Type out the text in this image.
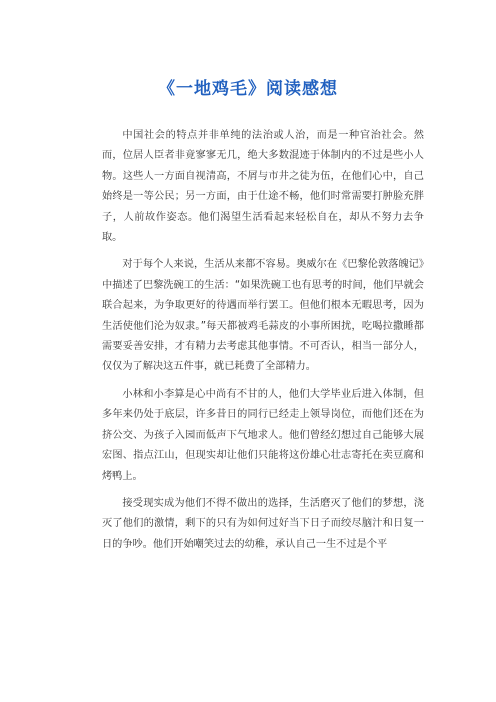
《一地鸡毛》阅读感想

中国社会的特点并非单纯的法治或人治，而是一种官治社会。然而，位居人臣者非竟寥寥无几，绝大多数混迹于体制内的不过是些小人物。这些人一方面自视清高，不屑与市井之徒为伍，在他们心中，自己始终是一等公民；另一方面，由于仕途不畅，他们时常需要打肿脸充胖子，人前故作姿态。他们渴望生活看起来轻松自在，却从不努力去争取。

对于每个人来说，生活从来都不容易。奥威尔在《巴黎伦敦落魄记》中描述了巴黎洗碗工的生活：“如果洗碗工也有思考的时间，他们早就会联合起来，为争取更好的待遇而举行罢工。但他们根本无暇思考，因为生活使他们沦为奴隶。”每天都被鸡毛蒜皮的小事所困扰，吃喝拉撒睡都需要妥善安排，才有精力去考虑其他事情。不可否认，相当一部分人，仅仅为了解决这五件事，就已耗费了全部精力。

小林和小李算是心中尚有不甘的人，他们大学毕业后进入体制，但多年来仍处于底层，许多昔日的同行已经走上领导岗位，而他们还在为挤公交、为孩子入园而低声下气地求人。他们曾经幻想过自己能够大展宏图、指点江山，但现实却让他们只能将这份雄心壮志寄托在卖豆腐和烤鸭上。

接受现实成为他们不得不做出的选择，生活磨灭了他们的梦想，浇灭了他们的激情，剩下的只有为如何过好当下日子而绞尽脑汁和日复一日的争吵。他们开始嘲笑过去的幼稚，承认自己一生不过是个平
